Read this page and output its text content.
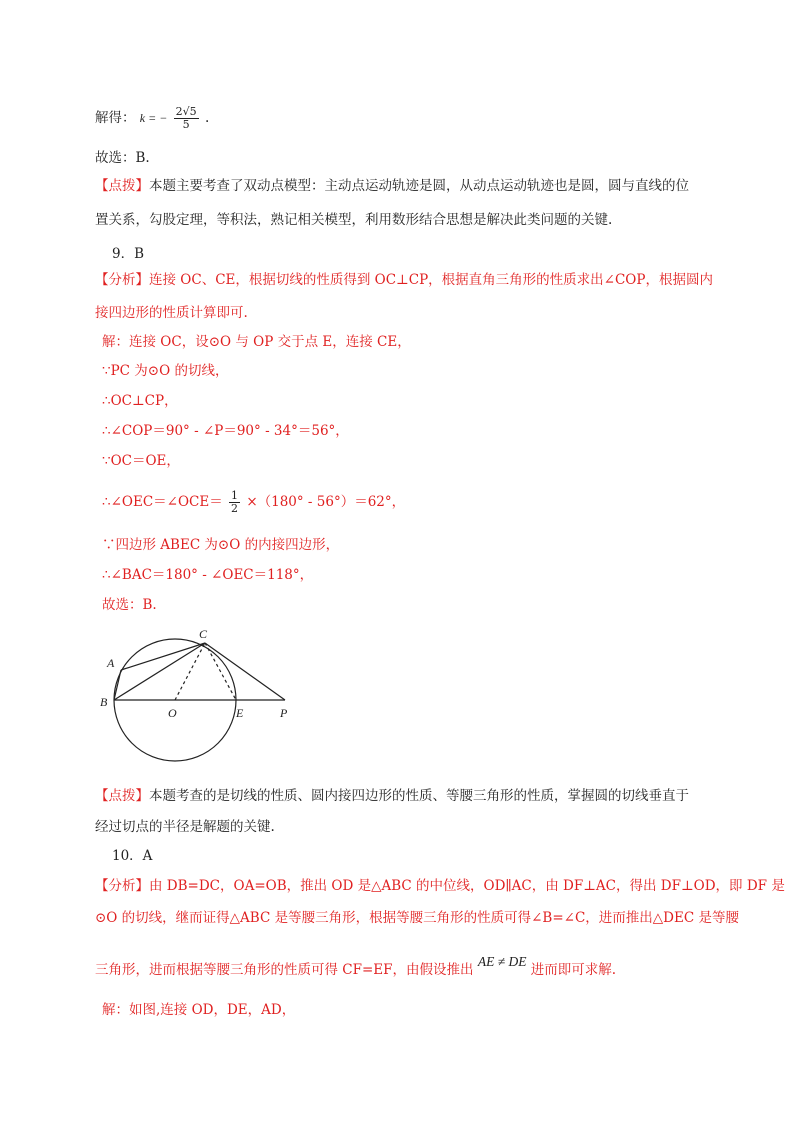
解得： k = − $\frac{2√5}{5}$ .
故选：B.
【点拨】本题主要考查了双动点模型：主动点运动轨迹是圆，从动点运动轨迹也是圆，圆与直线的位
置关系，勾股定理，等积法，熟记相关模型，利用数形结合思想是解决此类问题的关键.
9．B
【分析】连接 OC、CE，根据切线的性质得到 OC⊥CP，根据直角三角形的性质求出∠COP，根据圆内
接四边形的性质计算即可.
解：连接 OC，设⊙O 与 OP 交于点 E，连接 CE，
∵PC 为⊙O 的切线，
∴OC⊥CP，
∴∠COP＝90° - ∠P＝90° - 34°＝56°，
∵OC＝OE，
∴∠OEC＝∠OCE＝ $\frac{1}{2} \times(180^\circ - 56^\circ)=62^\circ$，
∵四边形 ABEC 为⊙O 的内接四边形，
∴∠BAC＝180° - ∠OEC＝118°，
故选：B.
A
B
C
O	E	P
【点拨】本题考查的是切线的性质、圆内接四边形的性质、等腰三角形的性质，掌握圆的切线垂直于
经过切点的半径是解题的关键.
10．A
【分析】由 DB=DC，OA=OB，推出 OD 是△ABC 的中位线，OD∥AC，由 DF⊥AC，得出 DF⊥OD，即 DF 是
⊙O 的切线，继而证得△ABC 是等腰三角形，根据等腰三角形的性质可得∠B=∠C，进而推出△DEC 是等腰
三角形，进而根据等腰三角形的性质可得 CF=EF，由假设推出 AE ≠ DE 进而即可求解.
解：如图,连接 OD，DE，AD，
